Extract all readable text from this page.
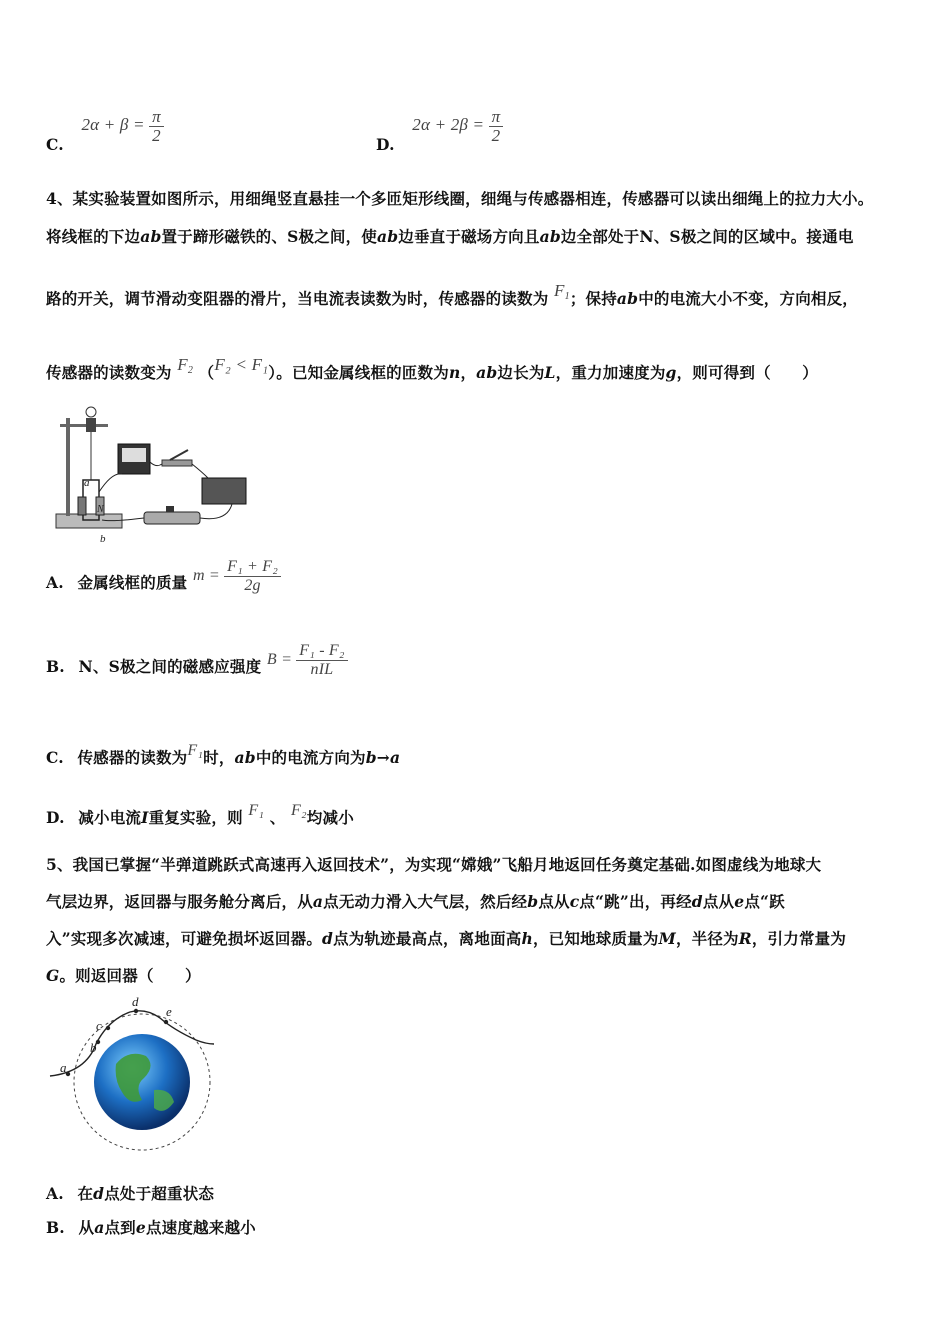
C. $2\alpha + \beta = \frac{\pi}{2}$	D. $2\alpha + 2\beta = \frac{\pi}{2}$
4、某实验装置如图所示，用细绳竖直悬挂一个多匝矩形线圈，细绳与传感器相连，传感器可以读出细绳上的拉力大小。
将线框的下边ab置于蹄形磁铁的、S极之间，使ab边垂直于磁场方向且ab边全部处于N、S极之间的区域中。接通电
路的开关，调节滑动变阻器的滑片，当电流表读数为时，传感器的读数为 $F_1$；保持ab中的电流大小不变，方向相反，
传感器的读数变为 $F_2$ （F₂ < F₁）。已知金属线框的匝数为n，ab边长为L，重力加速度为g，则可得到（　　）
a
N
b
A. 金属线框的质量 $m = \frac{\text{F₁ + F₂}}{2g}$
B. N、S极之间的磁感应强度 $B = \frac{\text{F₁ - F₂}}{\text{nIL}}$
C. 传感器的读数为F₁时，ab中的电流方向为b→a
D. 减小电流I重复实验，则 F₁ 、 F₂均减小
5、我国已掌握“半弹道跳跃式高速再入返回技术”，为实现“嫦娥”飞船月地返回任务奠定基础.如图虚线为地球大
气层边界，返回器与服务舱分离后，从a点无动力滑入大气层，然后经b点从c点“跳”出，再经d点从e点“跃
入”实现多次减速，可避免损坏返回器。d点为轨迹最高点，离地面高h，已知地球质量为M，半径为R，引力常量为
G。则返回器（　　）
a
b
c
d
e
A. 在d点处于超重状态
B. 从a点到e点速度越来越小
